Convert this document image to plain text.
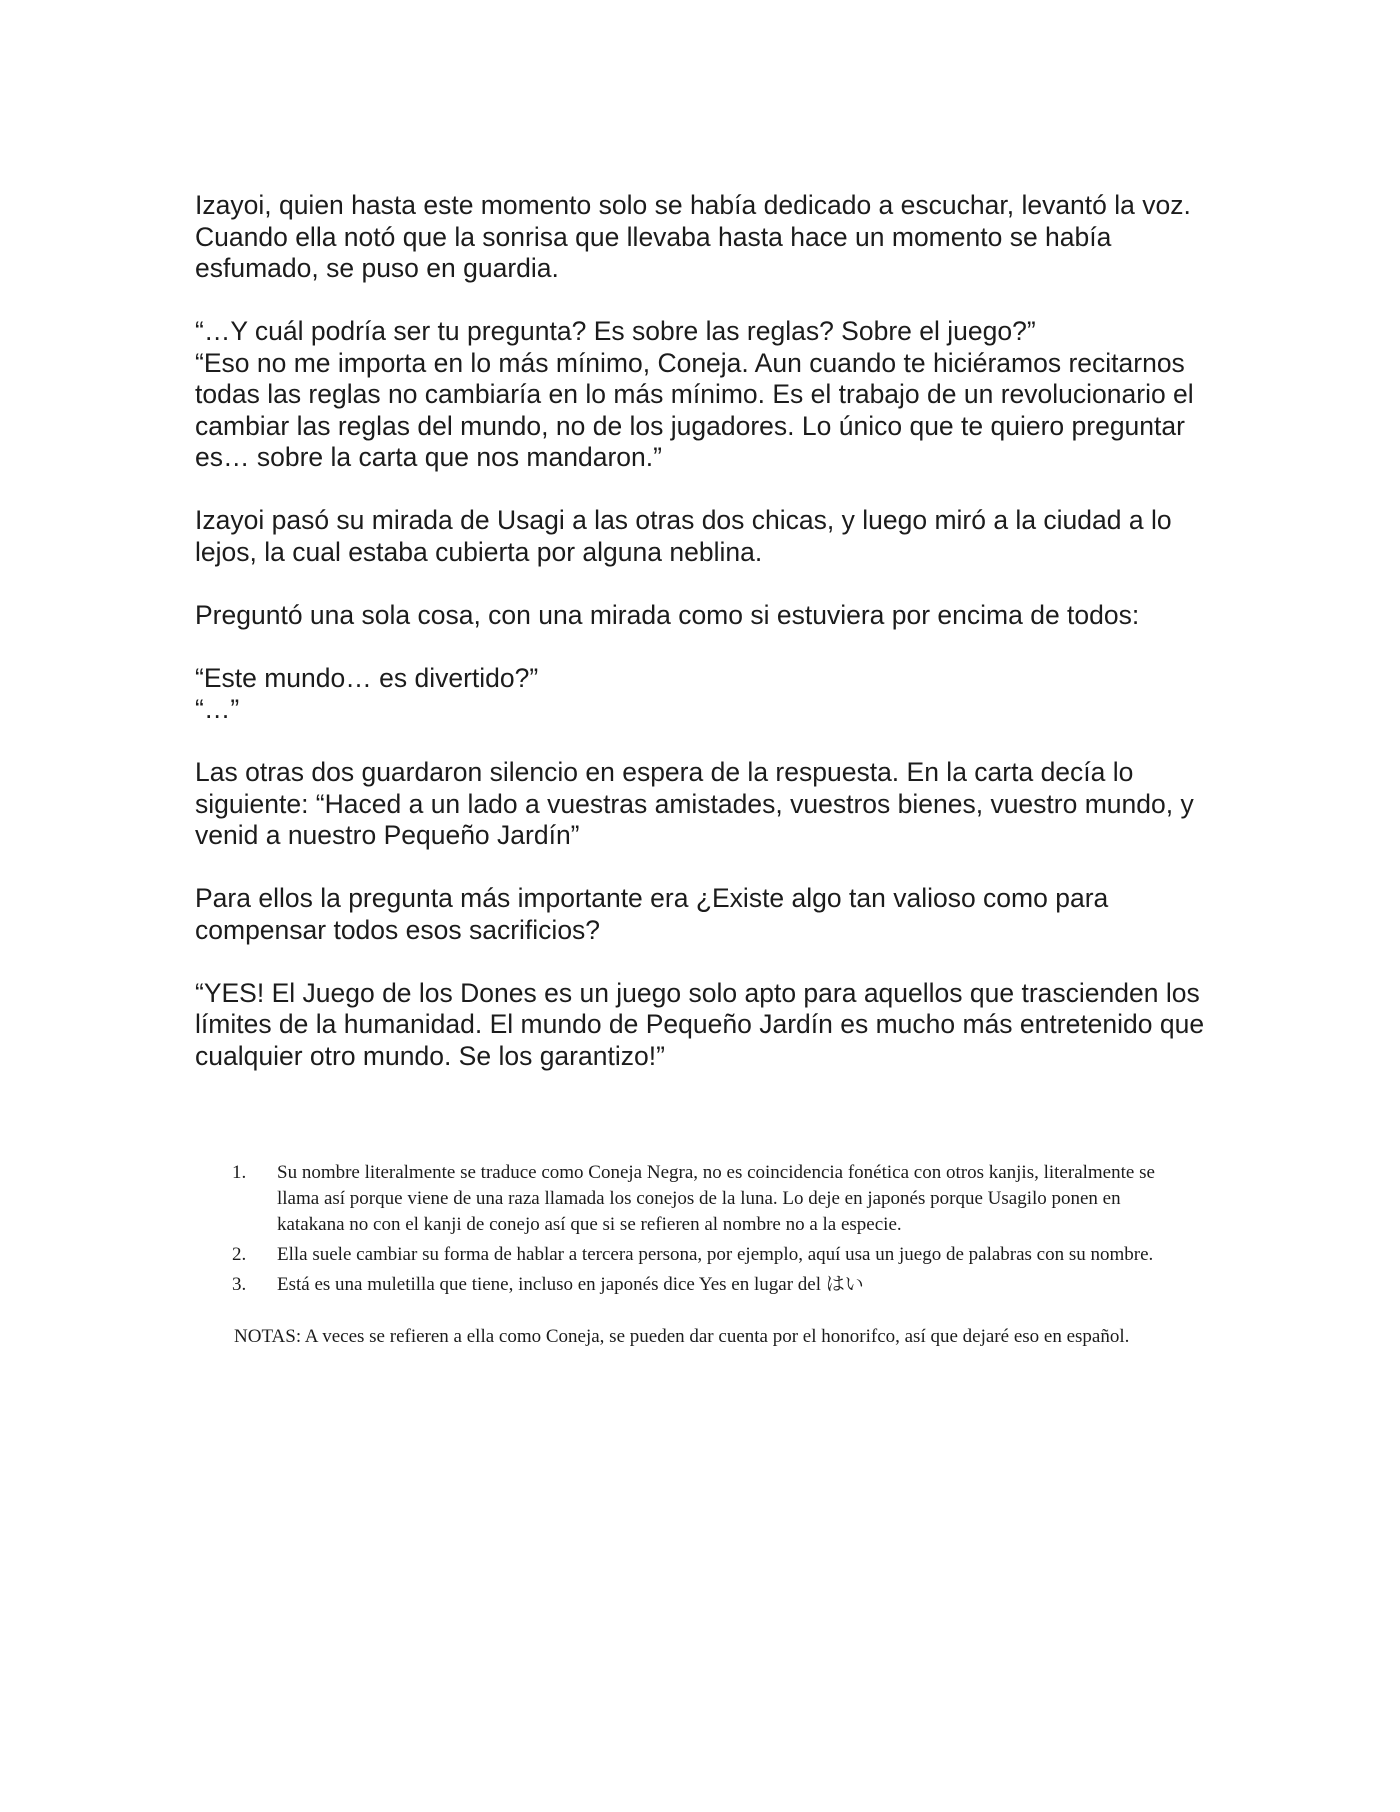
Izayoi, quien hasta este momento solo se había dedicado a escuchar, levantó la voz. Cuando ella notó que la sonrisa que llevaba hasta hace un momento se había esfumado, se puso en guardia.

“…Y cuál podría ser tu pregunta? Es sobre las reglas? Sobre el juego?”

“Eso no me importa en lo más mínimo, Coneja. Aun cuando te hiciéramos recitarnos todas las reglas no cambiaría en lo más mínimo. Es el trabajo de un revolucionario el cambiar las reglas del mundo, no de los jugadores. Lo único que te quiero preguntar es… sobre la carta que nos mandaron.”

Izayoi pasó su mirada de Usagi a las otras dos chicas, y luego miró a la ciudad a lo lejos, la cual estaba cubierta por alguna neblina.

Preguntó una sola cosa, con una mirada como si estuviera por encima de todos:

“Este mundo… es divertido?”

“…”

Las otras dos guardaron silencio en espera de la respuesta. En la carta decía lo siguiente: “Haced a un lado a vuestras amistades, vuestros bienes, vuestro mundo, y venid a nuestro Pequeño Jardín”

Para ellos la pregunta más importante era ¿Existe algo tan valioso como para compensar todos esos sacrificios?

“YES! El Juego de los Dones es un juego solo apto para aquellos que trascienden los límites de la humanidad. El mundo de Pequeño Jardín es mucho más entretenido que cualquier otro mundo. Se los garantizo!”

1.	Su nombre literalmente se traduce como Coneja Negra, no es coincidencia fonética con otros kanjis, literalmente se llama así porque viene de una raza llamada los conejos de la luna. Lo deje en japonés porque Usagilo ponen en katakana no con el kanji de conejo así que si se refieren al nombre no a la especie.
2.	Ella suele cambiar su forma de hablar a tercera persona, por ejemplo, aquí usa un juego de palabras con su nombre.
3.	Está es una muletilla que tiene, incluso en japonés dice Yes en lugar del はい

NOTAS: A veces se refieren a ella como Coneja, se pueden dar cuenta por el honorifco, así que dejaré eso en español.
